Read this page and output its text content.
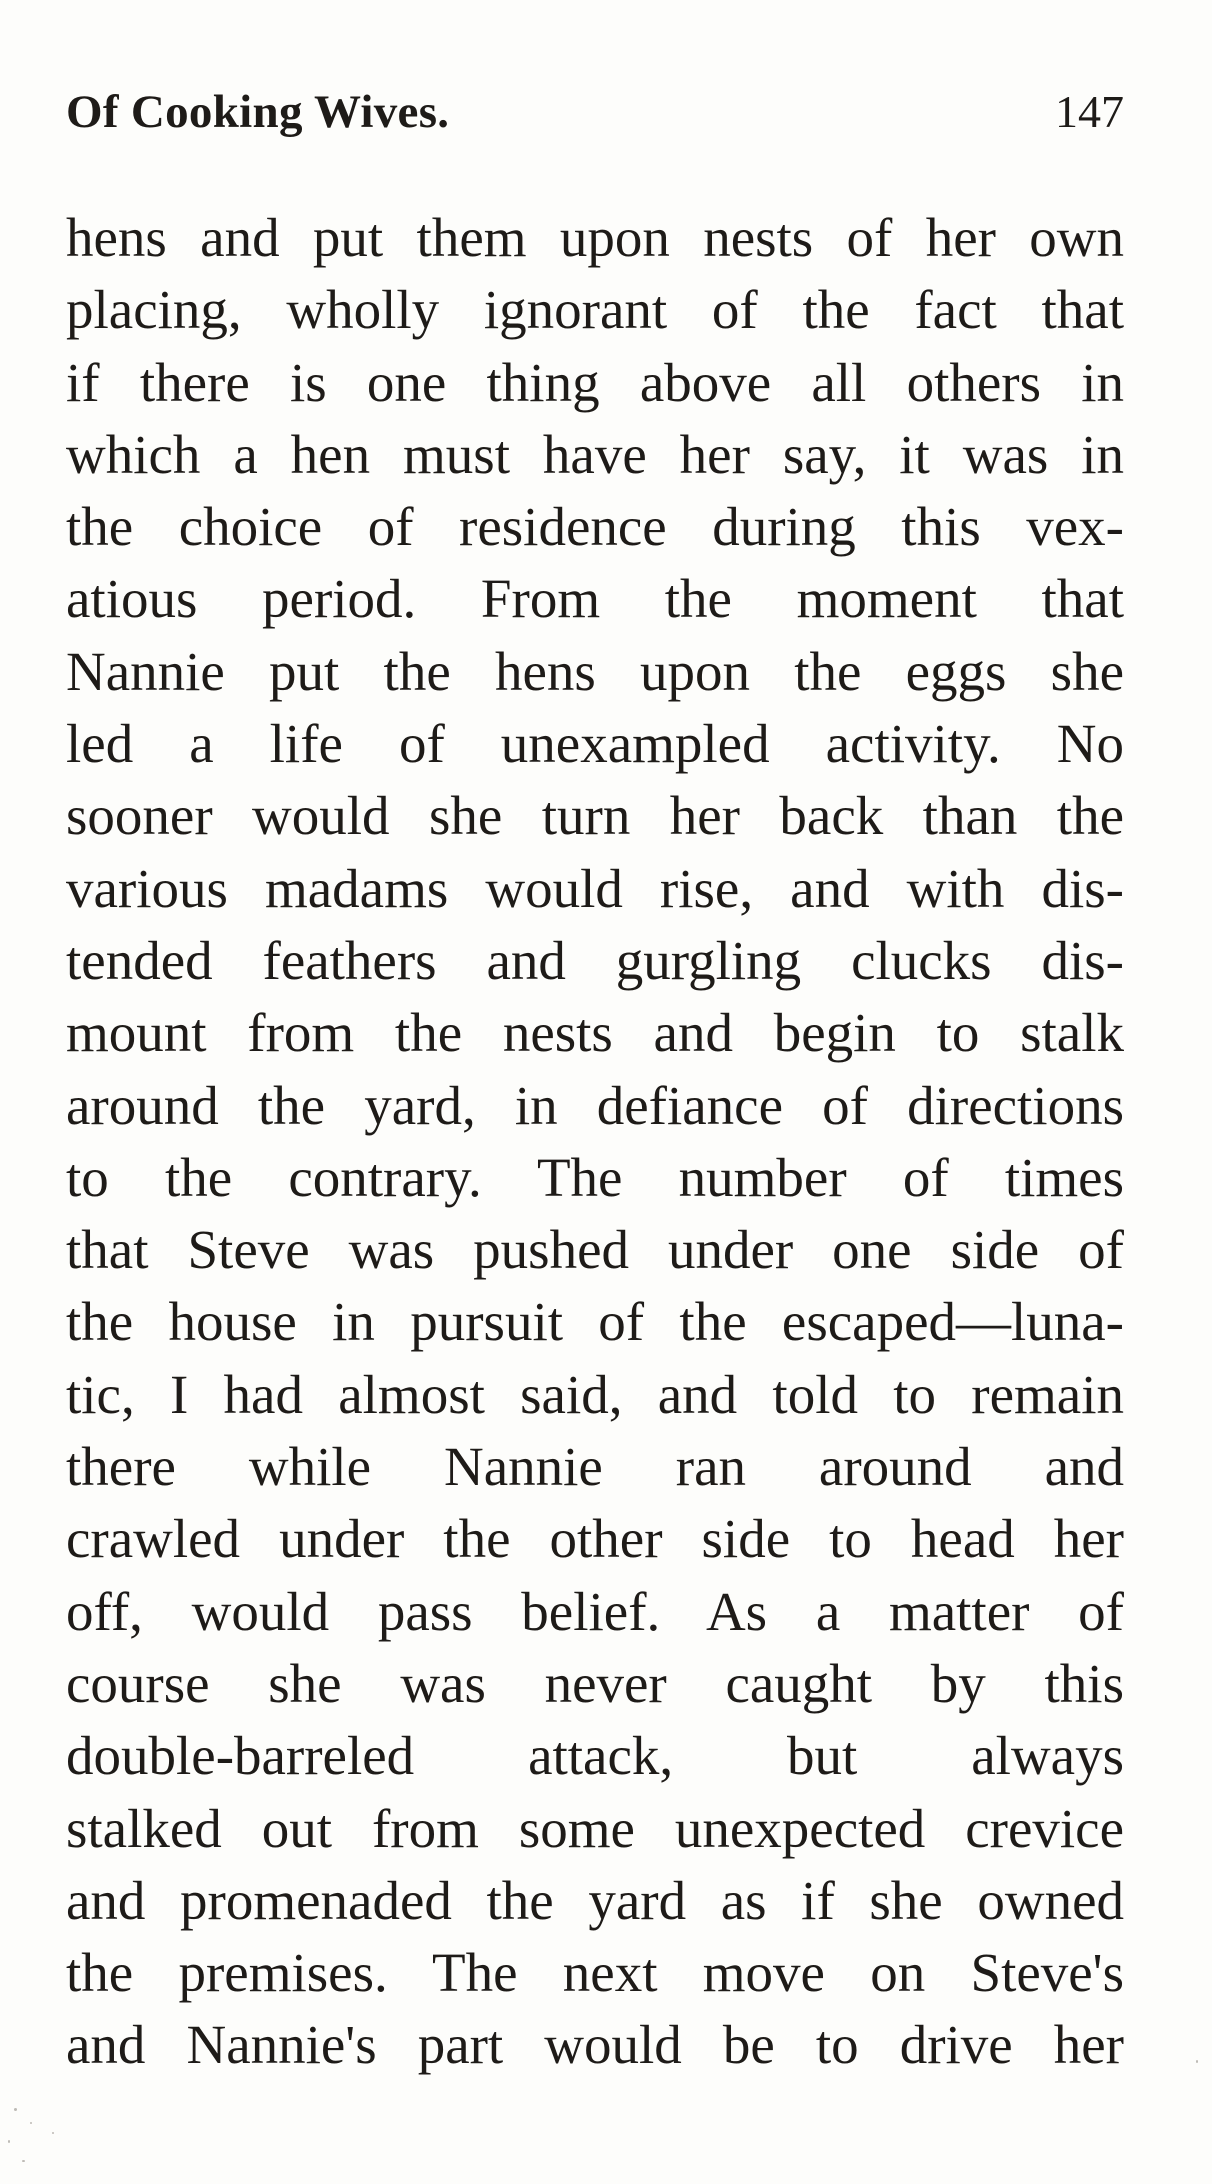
Of Cooking Wives.	147
hens and put them upon nests of her own
placing, wholly ignorant of the fact that
if there is one thing above all others in
which a hen must have her say, it was in
the choice of residence during this vex-
atious period. From the moment that
Nannie put the hens upon the eggs she
led a life of unexampled activity. No
sooner would she turn her back than the
various madams would rise, and with dis-
tended feathers and gurgling clucks dis-
mount from the nests and begin to stalk
around the yard, in defiance of directions
to the contrary. The number of times
that Steve was pushed under one side of
the house in pursuit of the escaped—luna-
tic, I had almost said, and told to remain
there while Nannie ran around and
crawled under the other side to head her
off, would pass belief. As a matter of
course she was never caught by this
double-barreled attack, but always
stalked out from some unexpected crevice
and promenaded the yard as if she owned
the premises. The next move on Steve's
and Nannie's part would be to drive her
